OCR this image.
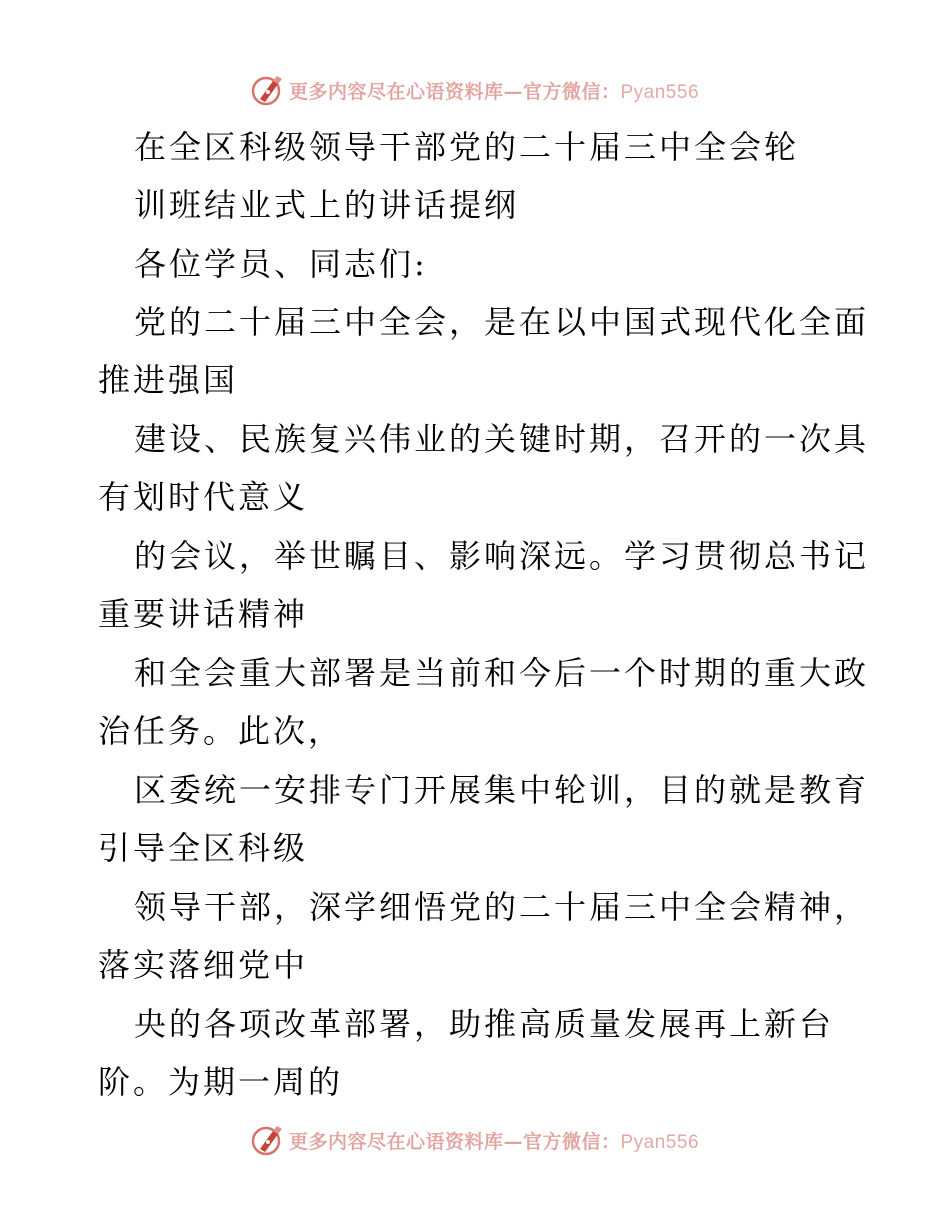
更多内容尽在心语资料库—官方微信：Pyan556
在全区科级领导干部党的二十届三中全会轮
训班结业式上的讲话提纲
各位学员、同志们:
党的二十届三中全会，是在以中国式现代化全面
推进强国
建设、民族复兴伟业的关键时期，召开的一次具
有划时代意义
的会议，举世瞩目、影响深远。学习贯彻总书记
重要讲话精神
和全会重大部署是当前和今后一个时期的重大政
治任务。此次，
区委统一安排专门开展集中轮训，目的就是教育
引导全区科级
领导干部，深学细悟党的二十届三中全会精神，
落实落细党中
央的各项改革部署，助推高质量发展再上新台
阶。为期一周的
更多内容尽在心语资料库—官方微信：Pyan556
